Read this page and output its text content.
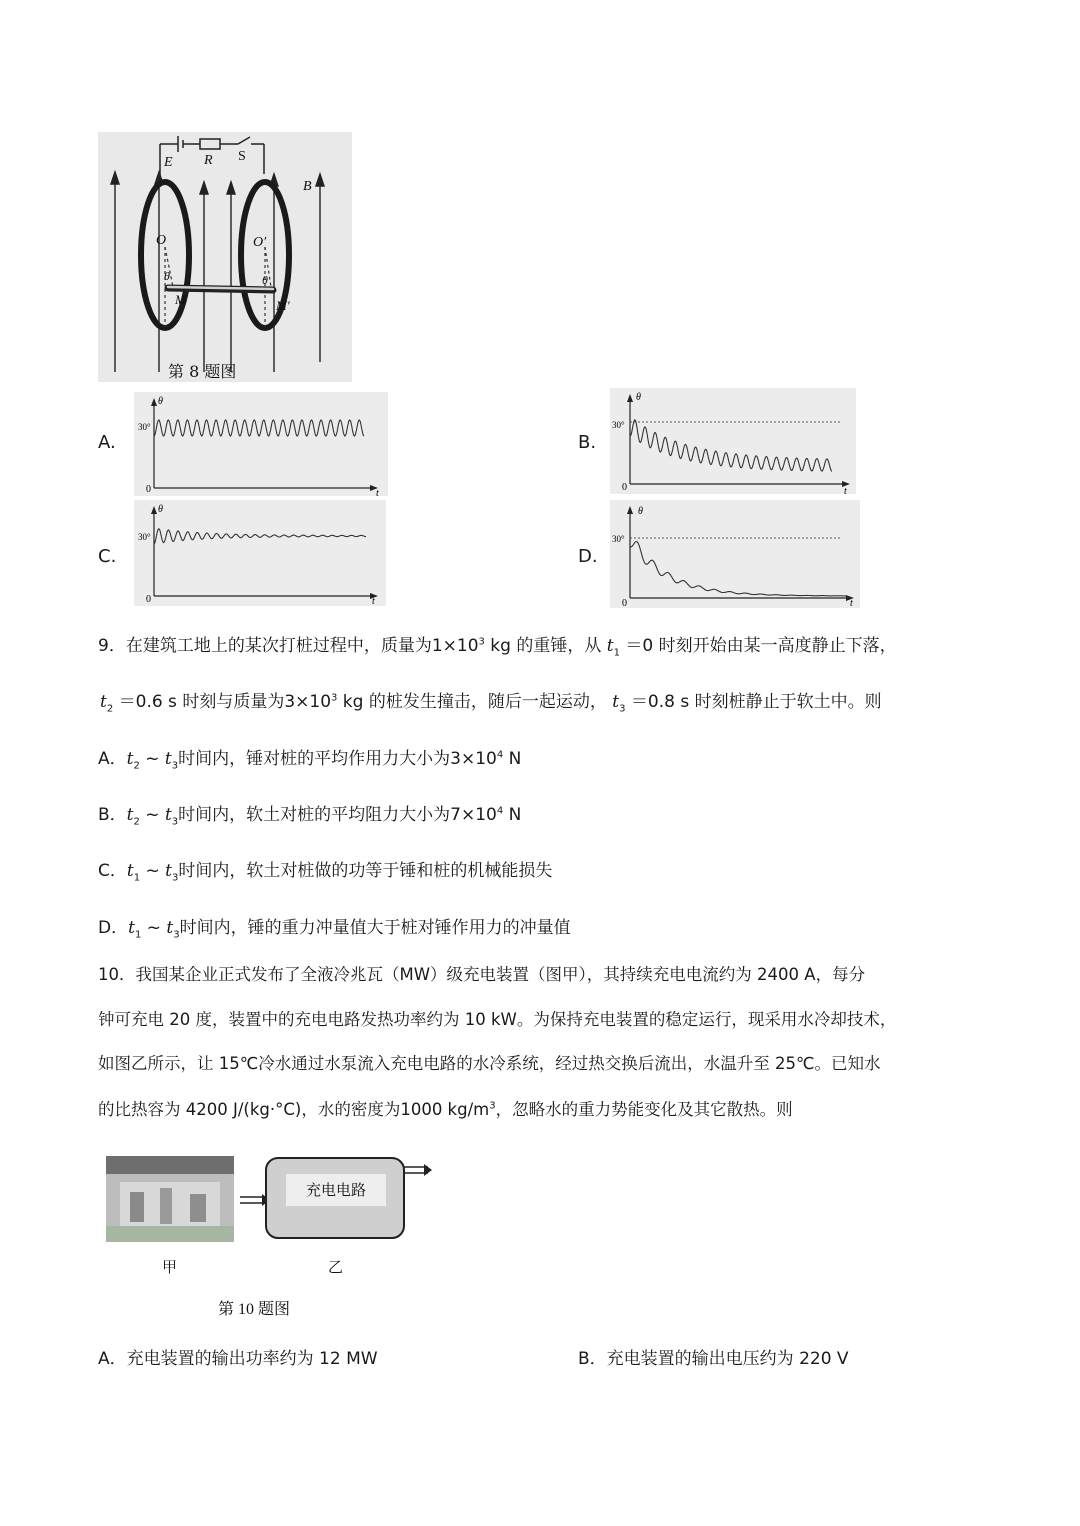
E R S
B
O	O′
θ	θ
M	M′
第 8 题图
A.
θ
30°
0	t
B.
θ
30°
0	t
C.
θ
30°
0	t
D.
θ
30°
0	t
9．在建筑工地上的某次打桩过程中，质量为$1\times 10^3$ kg 的重锤，从 $t_1 =0$ 时刻开始由某一高度静止下落，
$t_2 =0.6$ s 时刻与质量为$3\times 10^3$ kg 的桩发生撞击，随后一起运动， $t_3 =0.8$ s 时刻桩静止于软土中。则
A．$t_2$ ~ $t_3$时间内，锤对桩的平均作用力大小为$3\times 10^4$ N
B．$t_2$ ~ $t_3$时间内，软土对桩的平均阻力大小为$7\times 10^4$ N
C．$t_1$ ~ $t_3$时间内，软土对桩做的功等于锤和桩的机械能损失
D．$t_1$ ~ $t_3$时间内，锤的重力冲量值大于桩对锤作用力的冲量值
10．我国某企业正式发布了全液冷兆瓦（MW）级充电装置（图甲），其持续充电电流约为 2400 A，每分
钟可充电 20 度，装置中的充电电路发热功率约为 10 kW。为保持充电装置的稳定运行，现采用水冷却技术，
如图乙所示，让 15℃冷水通过水泵流入充电电路的水冷系统，经过热交换后流出，水温升至 25℃。已知水
的比热容为 4200 J/(kg·°C)，水的密度为1000 $kg/m^3$，忽略水的重力势能变化及其它散热。则
充电电路
甲	乙
第 10 题图
A．充电装置的输出功率约为 12 MW	B．充电装置的输出电压约为 220 V
